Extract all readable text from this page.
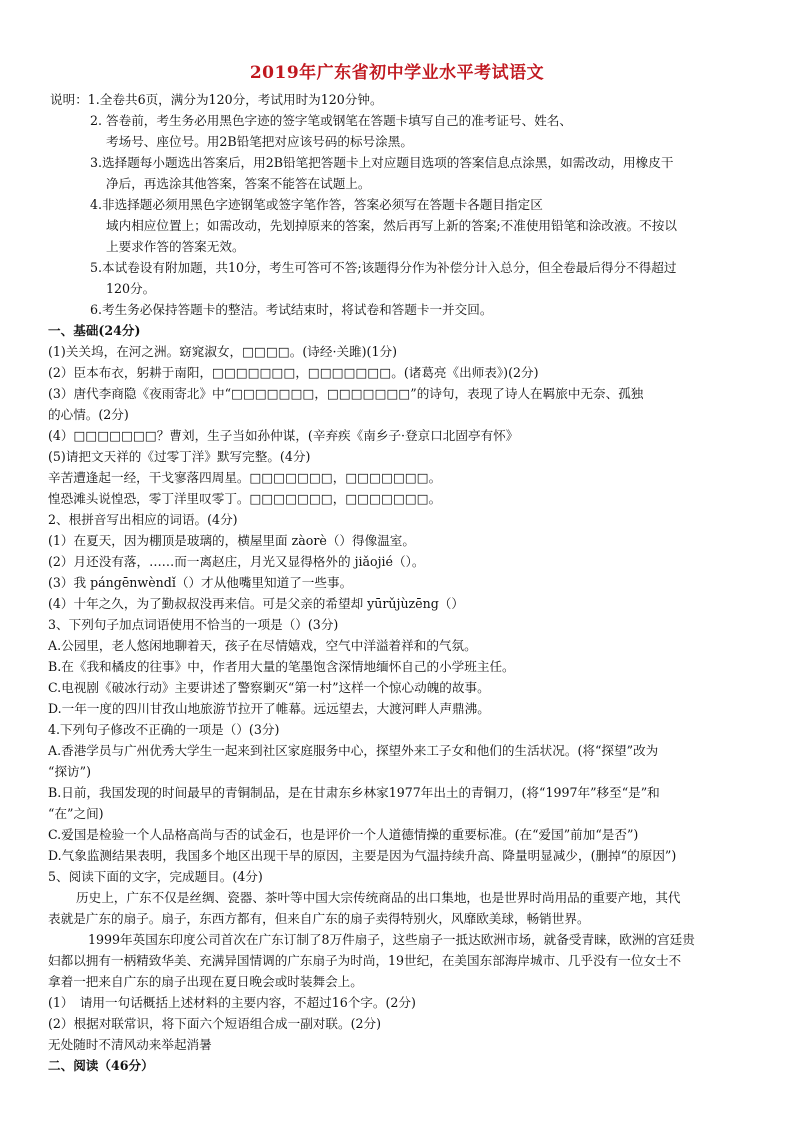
2019年广东省初中学业水平考试语文
说明：1.全卷共6页，满分为120分，考试用时为120分钟。
2. 答卷前，考生务必用黑色字迹的签字笔或钢笔在答题卡填写自己的准考证号、姓名、
考场号、座位号。用2B铅笔把对应该号码的标号涂黑。
3.选择题每小题选出答案后，用2B铅笔把答题卡上对应题目选项的答案信息点涂黑，如需改动，用橡皮干
净后，再选涂其他答案，答案不能答在试题上。
4.非选择题必须用黑色字迹钢笔或签字笔作答，答案必须写在答题卡各题目指定区
域内相应位置上；如需改动，先划掉原来的答案，然后再写上新的答案;不准使用铅笔和涂改液。不按以
上要求作答的答案无效。
5.本试卷设有附加题，共10分，考生可答可不答;该题得分作为补偿分计入总分，但全卷最后得分不得超过
120分。
6.考生务必保持答题卡的整洁。考试结束时，将试卷和答题卡一并交回。
一、基础(24分)
(1)关关坞，在河之洲。窈窕淑女，□□□□。(诗经·关雎)(1分)
(2）臣本布衣，躬耕于南阳，□□□□□□□，□□□□□□□。(诸葛亮《出师表》)(2分)
(3）唐代李商隐《夜雨寄北》中“□□□□□□□，□□□□□□□”的诗句，表现了诗人在羁旅中无奈、孤独
的心情。(2分)
(4）□□□□□□□？曹刘，生子当如孙仲谋，(辛弃疾《南乡子·登京口北固亭有怀》
(5)请把文天祥的《过零丁洋》默写完整。(4分)
辛苦遭逢起一经，干戈寥落四周星。□□□□□□□，□□□□□□□。
惶恐滩头说惶恐，零丁洋里叹零丁。□□□□□□□，□□□□□□□。
2、根拼音写出相应的词语。(4分)
(1）在夏天，因为棚顶是玻璃的，横屋里面 zàorè（）得像温室。
(2）月还没有落，……而一离赵庄，月光又显得格外的 jiǎojié（）。
(3）我 pángēnwèndǐ（）才从他嘴里知道了一些事。
(4）十年之久，为了勤叔叔没再来信。可是父亲的希望却 yūrǔjùzēng（）
3、下列句子加点词语使用不恰当的一项是（）(3分)
A.公园里，老人悠闲地聊着天，孩子在尽情嬉戏，空气中洋溢着祥和的气氛。
B.在《我和橘皮的往事》中，作者用大量的笔墨饱含深情地缅怀自己的小学班主任。
C.电视剧《破冰行动》主要讲述了警察剿灭“第一村”这样一个惊心动魄的故事。
D.一年一度的四川甘孜山地旅游节拉开了帷幕。远远望去，大渡河畔人声鼎沸。
4.下列句子修改不正确的一项是（）(3分)
A.香港学员与广州优秀大学生一起来到社区家庭服务中心，探望外来工子女和他们的生活状况。(将“探望”改为
“探访”)
B.日前，我国发现的时间最早的青铜制品，是在甘肃东乡林家1977年出土的青铜刀，(将“1997年”移至“是”和
“在”之间)
C.爱国是检验一个人品格高尚与否的试金石，也是评价一个人道德情操的重要标准。(在“爱国”前加“是否”)
D.气象监测结果表明，我国多个地区出现干旱的原因，主要是因为气温持续升高、降量明显减少，(删掉“的原因”)
5、阅读下面的文字，完成题目。(4分)
历史上，广东不仅是丝绸、瓷器、茶叶等中国大宗传统商品的出口集地，也是世界时尚用品的重要产地，其代
表就是广东的扇子。扇子，东西方都有，但来自广东的扇子卖得特别火，风靡欧美球，畅销世界。
1999年英国东印度公司首次在广东订制了8万件扇子，这些扇子一抵达欧洲市场，就备受青睐，欧洲的宫廷贵
妇都以拥有一柄精致华美、充满异国情调的广东扇子为时尚，19世纪，在美国东部海岸城市、几乎没有一位女士不
拿着一把来自广东的扇子出现在夏日晚会或时装舞会上。
(1）　请用一句话概括上述材料的主要内容，不超过16个字。(2分)
(2）根据对联常识，将下面六个短语组合成一副对联。(2分)
无处随时不清风动来举起消暑
二、阅读（46分）
